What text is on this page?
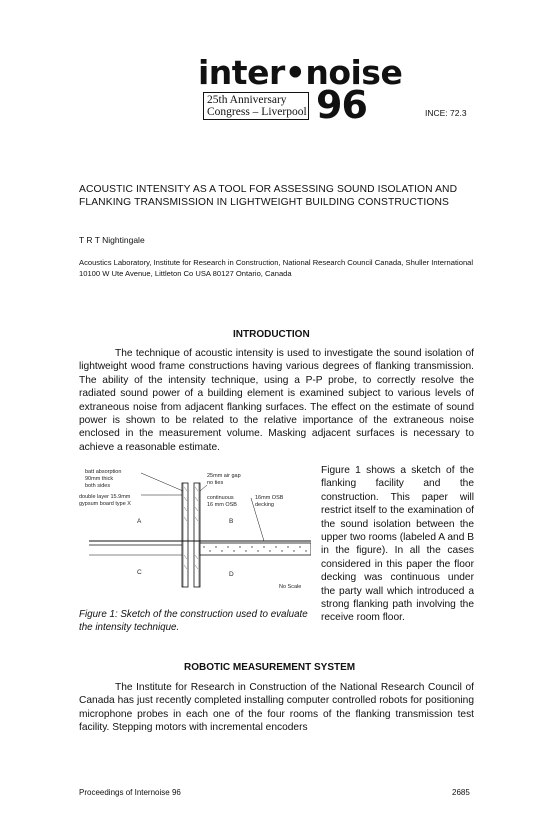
inter•noise
25th Anniversary
Congress – Liverpool 96	INCE: 72.3
ACOUSTIC INTENSITY AS A TOOL FOR ASSESSING SOUND ISOLATION AND FLANKING TRANSMISSION IN LIGHTWEIGHT BUILDING CONSTRUCTIONS
T R T Nightingale
Acoustics Laboratory, Institute for Research in Construction, National Research Council Canada, Shuller International 10100 W Ute Avenue, Littleton Co USA 80127 Ontario, Canada
INTRODUCTION

The technique of acoustic intensity is used to investigate the sound isolation of lightweight wood frame constructions having various degrees of flanking transmission. The ability of the intensity technique, using a P-P probe, to correctly resolve the radiated sound power of a building element is examined subject to various levels of extraneous noise from adjacent flanking surfaces. The effect on the estimate of sound power is shown to be related to the relative importance of the extraneous noise enclosed in the measurement volume. Masking adjacent surfaces is necessary to achieve a reasonable estimate.

batt absorption
90mm thick
both sides
double layer 15.9mm
gypsum board type X
25mm air gap
no ties
continuous
16 mm OSB
16mm OSB
decking
A	B
C	D
No Scale
Figure 1: Sketch of the construction used to evaluate the intensity technique.
Figure 1 shows a sketch of the flanking facility and the construction. This paper will restrict itself to the examination of the sound isolation between the upper two rooms (labeled A and B in the figure). In all the cases considered in this paper the floor decking was continuous under the party wall which introduced a strong flanking path involving the receive room floor.
ROBOTIC MEASUREMENT SYSTEM

The Institute for Research in Construction of the National Research Council of Canada has just recently completed installing computer controlled robots for positioning microphone probes in each one of the four rooms of the flanking transmission test facility. Stepping motors with incremental encoders

Proceedings of Internoise 96	2685
